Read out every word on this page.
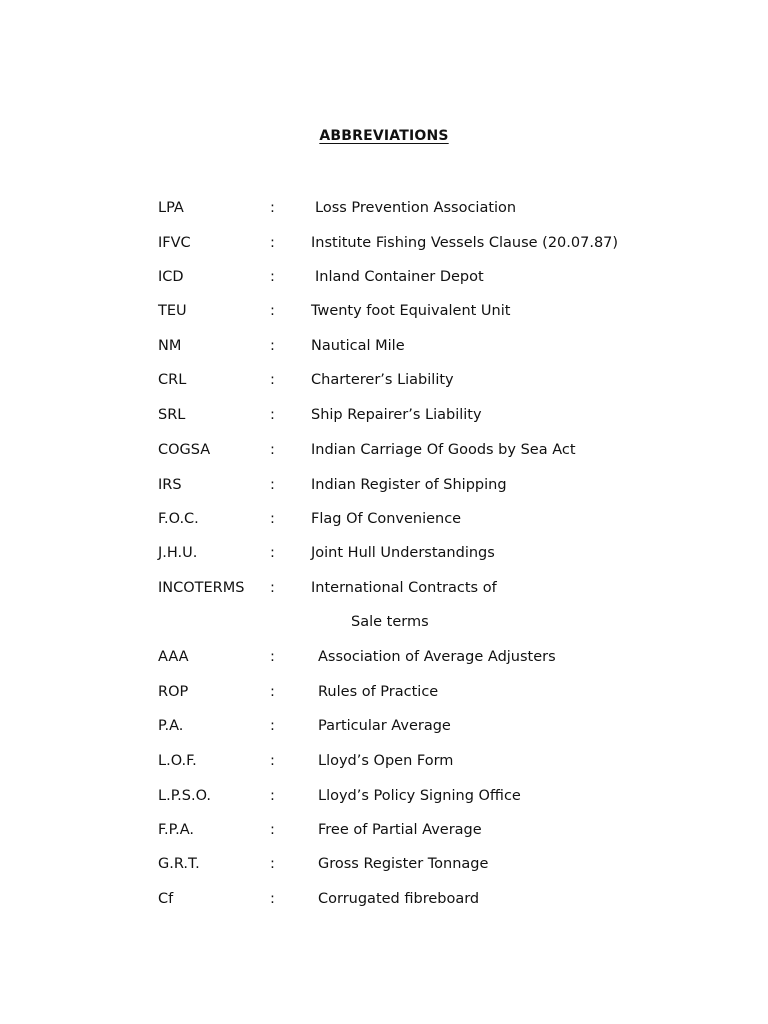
ABBREVIATIONS
LPA	:	Loss Prevention Association
IFVC	: Institute Fishing Vessels Clause (20.07.87)
ICD	:	Inland Container Depot
TEU	: Twenty foot Equivalent Unit
NM	: Nautical Mile
CRL	: Charterer’s Liability
SRL	: Ship Repairer’s Liability
COGSA	: Indian Carriage Of Goods by Sea Act
IRS	: Indian Register of Shipping
F.O.C.	: Flag Of Convenience
J.H.U.	: Joint Hull Understandings
INCOTERMS : International Contracts of
Sale terms
AAA	:	Association of Average Adjusters
ROP	:	Rules of Practice
P.A.	:	Particular Average
L.O.F.	:	Lloyd’s Open Form
L.P.S.O.	:	Lloyd’s Policy Signing Office
F.P.A.	:	Free of Partial Average
G.R.T.	:	Gross Register Tonnage
Cf	:	Corrugated fibreboard
